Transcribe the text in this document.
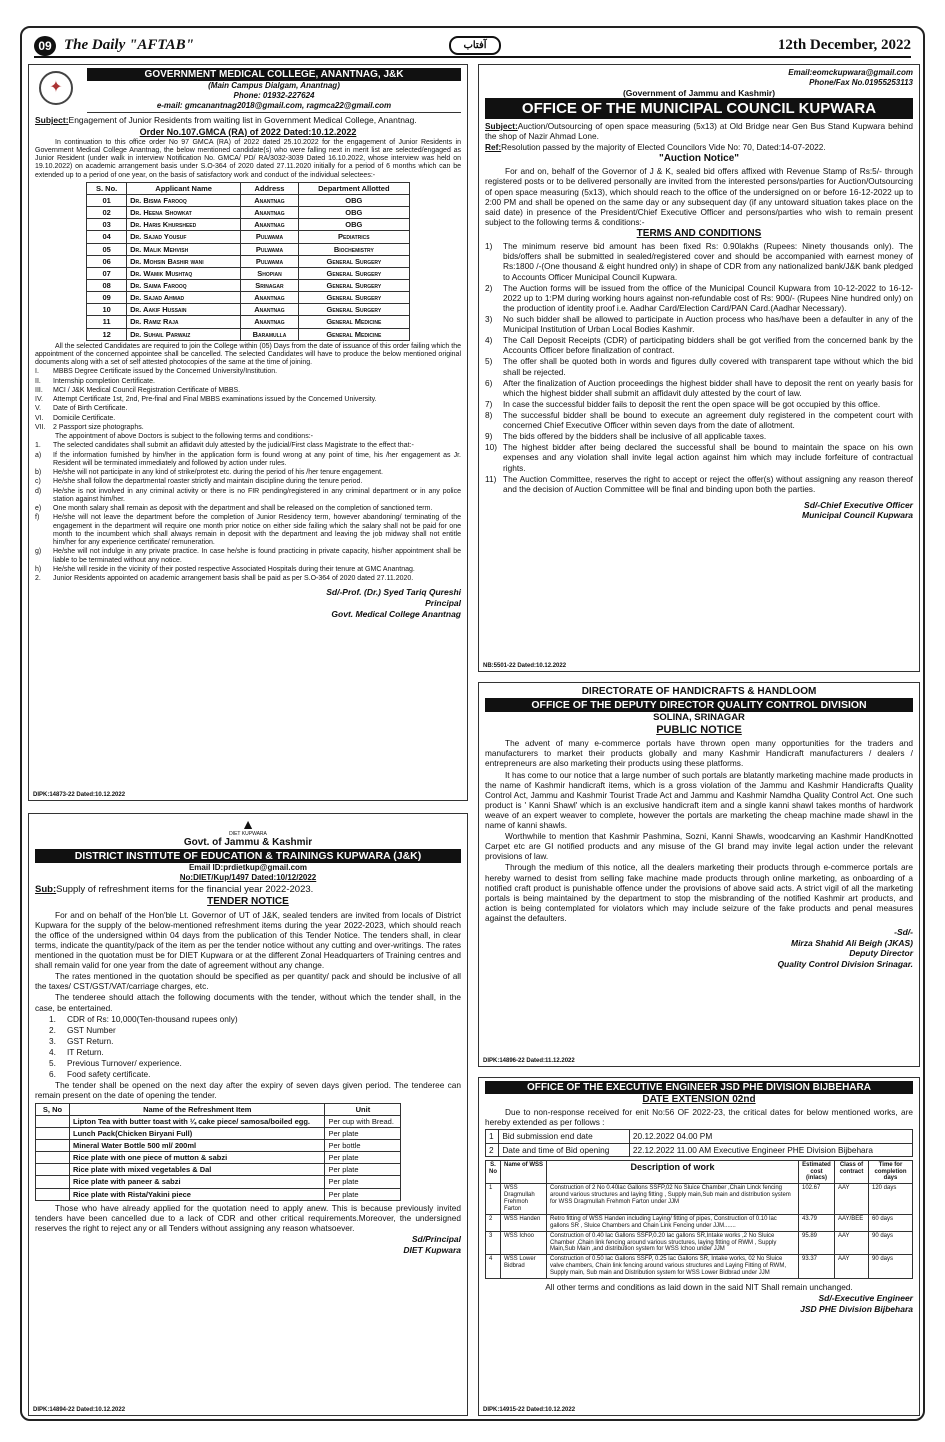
09 The Daily "AFTAB"	آفتاب	12th December, 2022
✦
GOVERNMENT MEDICAL COLLEGE, ANANTNAG, J&K
(Main Campus Dialgam, Anantnag)
Phone: 01932-227624
e-mail: gmcanantnag2018@gmail.com, ragmca22@gmail.com

Subject:Engagement of Junior Residents from waiting list in Government Medical College, Anantnag.

Order No.107.GMCA (RA) of 2022 Dated:10.12.2022

In continuation to this office order No 97 GMCA (RA) of 2022 dated 25.10.2022 for the engagement of Junior Residents in Government Medical College Anantnag, the below mentioned candidate(s) who were falling next in merit list are selected/engaged as Junior Resident (under walk in interview Notification No. GMCA/ PD/ RA/3032-3039 Dated 16.10.2022, whose interview was held on 19.10.2022) on academic arrangement basis under S.O-364 of 2020 dated 27.11.2020 initially for a period of 6 months which can be extended up to a period of one year, on the basis of satisfactory work and conduct of the individual selectees:-

S. No.	Applicant Name	Address	Department Allotted
01	Dr. Bisma Farooq	Anantnag	OBG
02	Dr. Heena Showkat	Anantnag	OBG
03	Dr. Haris Khursheed	Anantnag	OBG
04	Dr. Sajad Yousuf	Pulwama	Pediatrics
05	Dr. Malik Mehvish	Pulwama	Biochemistry
06	Dr. Mohsin Bashir wani	Pulwama	General Surgery
07	Dr. Wamik Mushtaq	Shopian	General Surgery
08	Dr. Saima Farooq	Srinagar	General Surgery
09	Dr. Sajad Ahmad	Anantnag	General Surgery
10	Dr. Aakif Hussain	Anantnag	General Surgery
11	Dr. Ramiz Raja	Anantnag	General Medicine
12	Dr. Suhail Parwaiz	Baramulla	General Medicine

All the selected Candidates are required to join the College within (05) Days from the date of issuance of this order failing which the appointment of the concerned appointee shall be cancelled. The selected Candidates will have to produce the below mentioned original documents along with a set of self attested photocopies of the same at the time of joining.

I.	MBBS Degree Certificate issued by the Concerned University/Institution.
II.	Internship completion Certificate.
III.	MCI / J&K Medical Council Registration Certificate of MBBS.
IV.	Attempt Certificate 1st, 2nd, Pre-final and Final MBBS examinations issued by the Concerned University.
V.	Date of Birth Certificate.
VI.	Domicile Certificate.
VII.	2 Passport size photographs.

The appointment of above Doctors is subject to the following terms and conditions:-

1.	The selected candidates shall submit an affidavit duly attested by the judicial/First class Magistrate to the effect that:-
a)	If the information furnished by him/her in the application form is found wrong at any point of time, his /her engagement as Jr. Resident will be terminated immediately and followed by action under rules.
b)	He/she will not participate in any kind of strike/protest etc. during the period of his /her tenure engagement.
c)	He/she shall follow the departmental roaster strictly and maintain discipline during the tenure period.
d)	He/she is not involved in any criminal activity or there is no FIR pending/registered in any criminal department or in any police station against him/her.
e)	One month salary shall remain as deposit with the department and shall be released on the completion of sanctioned term.
f)	He/she will not leave the department before the completion of Junior Residency term, however abandoning/ terminating of the engagement in the department will require one month prior notice on either side failing which the salary shall not be paid for one month to the incumbent which shall always remain in deposit with the department and leaving the job midway shall not entitle him/her for any experience certificate/ remuneration.
g)	He/she will not indulge in any private practice. In case he/she is found practicing in private capacity, his/her appointment shall be liable to be terminated without any notice.
h)	He/she will reside in the vicinity of their posted respective Associated Hospitals during their tenure at GMC Anantnag.
2.	Junior Residents appointed on academic arrangement basis shall be paid as per S.O-364 of 2020 dated 27.11.2020.
Sd/-Prof. (Dr.) Syed Tariq Qureshi
Principal
Govt. Medical College Anantnag
DIPK:14873-22 Dated:10.12.2022
▲
DIET KUPWARA
Govt. of Jammu & Kashmir
DISTRICT INSTITUTE OF EDUCATION & TRAININGS KUPWARA (J&K)
Email ID:prdietkup@gmail.com
No:DIET/Kup/1497 Dated:10/12/2022

Sub:Supply of refreshment items for the financial year 2022-2023.

TENDER NOTICE

For and on behalf of the Hon'ble Lt. Governor of UT of J&K, sealed tenders are invited from locals of District Kupwara for the supply of the below-mentioned refreshment items during the year 2022-2023, which should reach the office of the undersigned within 04 days from the publication of this Tender Notice. The tenders shall, in clear terms, indicate the quantity/pack of the item as per the tender notice without any cutting and over-writings. The rates mentioned in the quotation must be for DIET Kupwara or at the different Zonal Headquarters of Training centres and shall remain valid for one year from the date of agreement without any change.

The rates mentioned in the quotation should be specified as per quantity/ pack and should be inclusive of all the taxes/ CST/GST/VAT/carriage charges, etc.

The tenderee should attach the following documents with the tender, without which the tender shall, in the case, be entertained.

1.	CDR of Rs: 10,000(Ten-thousand rupees only)
2.	GST Number
3.	GST Return.
4.	IT Return.
5.	Previous Turnover/ experience.
6.	Food safety certificate.

The tender shall be opened on the next day after the expiry of seven days given period. The tenderee can remain present on the date of opening the tender.

S, No	Name of the Refreshment Item	Unit
	Lipton Tea with butter toast with ¼ cake piece/ samosa/boiled egg.	Per cup with Bread.
	Lunch Pack(Chicken Biryani Full)	Per plate
	Mineral Water Bottle 500 ml/ 200ml	Per bottle
	Rice plate with one piece of mutton & sabzi	Per plate
	Rice plate with mixed vegetables & Dal	Per plate
	Rice plate with paneer & sabzi	Per plate
	Rice plate with Rista/Yakini piece	Per plate

Those who have already applied for the quotation need to apply anew. This is because previously invited tenders have been cancelled due to a lack of CDR and other critical requirements.Moreover, the undersigned reserves the right to reject any or all Tenders without assigning any reason whatsoever.

Sd/Principal
DIET Kupwara
DIPK:14894-22 Dated:10.12.2022
Email:eomckupwara@gmail.com
Phone/Fax No.01955253113
(Government of Jammu and Kashmir)
OFFICE OF THE MUNICIPAL COUNCIL KUPWARA

Subject:Auction/Outsourcing of open space measuring (5x13) at Old Bridge near Gen Bus Stand Kupwara behind the shop of Nazir Ahmad Lone.

Ref:Resolution passed by the majority of Elected Councilors Vide No: 70, Dated:14-07-2022.

"Auction Notice"

For and on, behalf of the Governor of J & K, sealed bid offers affixed with Revenue Stamp of Rs:5/- through registered posts or to be delivered personally are invited from the interested persons/parties for Auction/Outsourcing of open space measuring (5x13), which should reach to the office of the undersigned on or before 16-12-2022 up to 2:00 PM and shall be opened on the same day or any subsequent day (if any untoward situation takes place on the said date) in presence of the President/Chief Executive Officer and persons/parties who wish to remain present subject to the following terms & conditions:-

TERMS AND CONDITIONS
1)	The minimum reserve bid amount has been fixed Rs: 0.90lakhs (Rupees: Ninety thousands only). The bids/offers shall be submitted in sealed/registered cover and should be accompanied with earnest money of Rs:1800 /-(One thousand & eight hundred only) in shape of CDR from any nationalized bank/J&K bank pledged to Accounts Officer Municipal Council Kupwara.
2)	The Auction forms will be issued from the office of the Municipal Council Kupwara from 10-12-2022 to 16-12-2022 up to 1:PM during working hours against non-refundable cost of Rs: 900/- (Rupees Nine hundred only) on the production of identity proof i.e. Aadhar Card/Election Card/PAN Card.(Aadhar Necessary).
3)	No such bidder shall be allowed to participate in Auction process who has/have been a defaulter in any of the Municipal Institution of Urban Local Bodies Kashmir.
4)	The Call Deposit Receipts (CDR) of participating bidders shall be got verified from the concerned bank by the Accounts Officer before finalization of contract.
5)	The offer shall be quoted both in words and figures dully covered with transparent tape without which the bid shall be rejected.
6)	After the finalization of Auction proceedings the highest bidder shall have to deposit the rent on yearly basis for which the highest bidder shall submit an affidavit duly attested by the court of law.
7)	In case the successful bidder fails to deposit the rent the open space will be got occupied by this office.
8)	The successful bidder shall be bound to execute an agreement duly registered in the competent court with concerned Chief Executive Officer within seven days from the date of allotment.
9)	The bids offered by the bidders shall be inclusive of all applicable taxes.
10) The highest bidder after being declared the successful shall be bound to maintain the space on his own expenses and any violation shall invite legal action against him which may include forfeiture of contractual rights.
11) The Auction Committee, reserves the right to accept or reject the offer(s) without assigning any reason thereof and the decision of Auction Committee will be final and binding upon both the parties.
Sd/-Chief Executive Officer
Municipal Council Kupwara
NB:5501-22 Dated:10.12.2022
DIRECTORATE OF HANDICRAFTS & HANDLOOM
OFFICE OF THE DEPUTY DIRECTOR QUALITY CONTROL DIVISION
SOLINA, SRINAGAR
PUBLIC NOTICE

The advent of many e-commerce portals have thrown open many opportunities for the traders and manufacturers to market their products globally and many Kashmir Handicraft manufacturers / dealers / entrepreneurs are also marketing their products using these platforms.

It has come to our notice that a large number of such portals are blatantly marketing machine made products in the name of Kashmir handicraft items, which is a gross violation of the Jammu and Kashmir Handicrafts Quality Control Act, Jammu and Kashmir Tourist Trade Act and Jammu and Kashmir Namdha Quality Control Act. One such product is ' Kanni Shawl' which is an exclusive handicraft item and a single kanni shawl takes months of hardwork weave of an expert weaver to complete, however the portals are marketing the cheap machine made shawl in the name of kanni shawls.

Worthwhile to mention that Kashmir Pashmina, Sozni, Kanni Shawls, woodcarving an Kashmir HandKnotted Carpet etc are GI notified products and any misuse of the GI brand may invite legal action under the relevant provisions of law.

Through the medium of this notice, all the dealers marketing their products through e-commerce portals are hereby warned to desist from selling fake machine made products through online marketing, as onboarding of a notified craft product is punishable offence under the provisions of above said acts. A strict vigil of all the marketing portals is being maintained by the department to stop the misbranding of the notified Kashmir art products, and action is being contemplated for violators which may include seizure of the fake products and penal measures against the defaulters.

-Sd/-
Mirza Shahid Ali Beigh (JKAS)
Deputy Director
Quality Control Division Srinagar.
DIPK:14896-22 Dated:11.12.2022
OFFICE OF THE EXECUTIVE ENGINEER JSD PHE DIVISION BIJBEHARA
DATE EXTENSION 02nd

Due to non-response received for enit No:56 OF 2022-23, the critical dates for below mentioned works, are hereby extended as per follows :

1	Bid submission end date	20.12.2022 04.00 PM
2	Date and time of Bid opening	22.12.2022 11.00 AM Executive Engineer PHE Division Bijbehara
S. No	Name of WSS	Description of work	Estimated cost (inlacs)	Class of contract	Time for completion days
1	WSS Dragmullah Frehmoh Farton	Construction of 2 No 0.40lac Gallons SSFP,02 No Sluice Chamber ,Chain Linck fencing around various structures and laying fitting , Supply main,Sub main and distribution system for WSS Dragmullah Frehmoh Farton under JJM	102.67	AAY	120 days
2	WSS Handen	Retro fitting of WSS Handen including Laying/ fitting of pipes, Construction of 0.10 lac gallons SR , Sluice Chambers and Chain Link Fencing under JJM.......	43.79	AAY/BEE	60 days
3	WSS Ichoo	Construction of 0.40 lac Gallons SSFP,0.20 lac gallons SR,Intake works ,2 No Sluice Chamber ,Chain link fencing around various structures, laying fitting of RWM , Supply Main,Sub Main ,and distribution system for WSS Ichoo under JJM	95.89	AAY	90 days
4	WSS Lower Bidbrad	Construction of 0.50 lac Gallons SSFP, 0.25 lac Gallons SR, Intake works, 02 No Sluice valve chambers, Chain link fencing around various structures and Laying Fitting of RWM, Supply main, Sub main and Distribution system for WSS Lower Bidbrad under JJM	93.37	AAY	90 days

All other terms and conditions as laid down in the said NIT Shall remain unchanged.

Sd/-Executive Engineer
JSD PHE Division Bijbehara
DIPK:14915-22 Dated:10.12.2022
